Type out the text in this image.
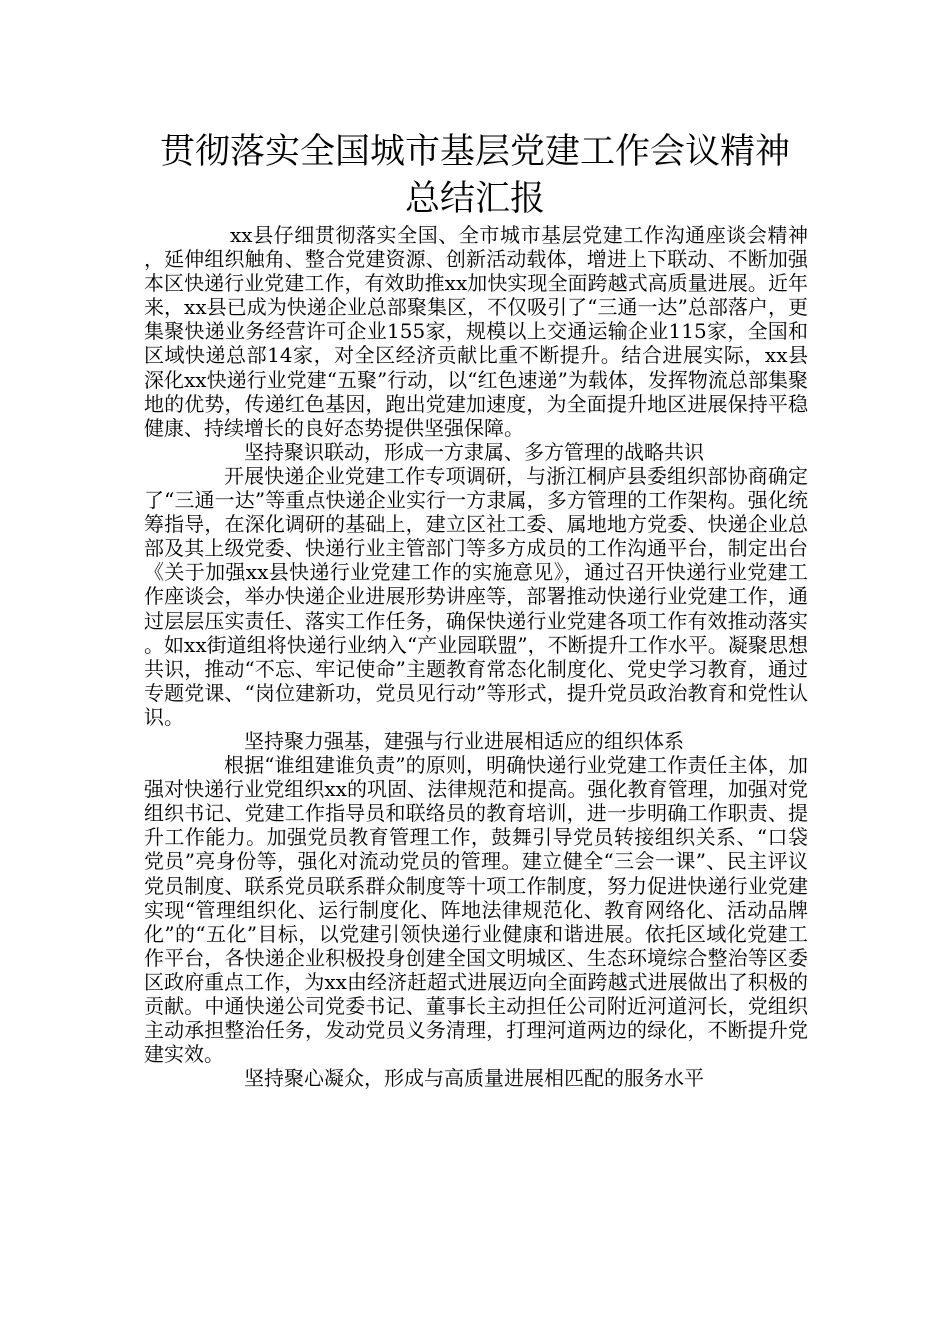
贯彻落实全国城市基层党建工作会议精神
总结汇报

xx县仔细贯彻落实全国、全市城市基层党建工作沟通座谈会精神，延伸组织触角、整合党建资源、创新活动载体，增进上下联动、不断加强本区快递行业党建工作，有效助推xx加快实现全面跨越式高质量进展。近年来，xx县已成为快递企业总部聚集区，不仅吸引了“三通一达”总部落户，更集聚快递业务经营许可企业155家，规模以上交通运输企业115家，全国和区域快递总部14家，对全区经济贡献比重不断提升。结合进展实际，xx县深化xx快递行业党建“五聚”行动，以“红色速递”为载体，发挥物流总部集聚地的优势，传递红色基因，跑出党建加速度，为全面提升地区进展保持平稳健康、持续增长的良好态势提供坚强保障。

坚持聚识联动，形成一方隶属、多方管理的战略共识

开展快递企业党建工作专项调研，与浙江桐庐县委组织部协商确定了“三通一达”等重点快递企业实行一方隶属，多方管理的工作架构。强化统筹指导，在深化调研的基础上，建立区社工委、属地地方党委、快递企业总部及其上级党委、快递行业主管部门等多方成员的工作沟通平台，制定出台《关于加强xx县快递行业党建工作的实施意见》，通过召开快递行业党建工作座谈会，举办快递企业进展形势讲座等，部署推动快递行业党建工作，通过层层压实责任、落实工作任务，确保快递行业党建各项工作有效推动落实。如xx街道组将快递行业纳入“产业园联盟”，不断提升工作水平。凝聚思想共识，推动“不忘、牢记使命”主题教育常态化制度化、党史学习教育，通过专题党课、“岗位建新功，党员见行动”等形式，提升党员政治教育和党性认识。

坚持聚力强基，建强与行业进展相适应的组织体系

根据“谁组建谁负责”的原则，明确快递行业党建工作责任主体，加强对快递行业党组织xx的巩固、法律规范和提高。强化教育管理，加强对党组织书记、党建工作指导员和联络员的教育培训，进一步明确工作职责、提升工作能力。加强党员教育管理工作，鼓舞引导党员转接组织关系、“口袋党员”亮身份等，强化对流动党员的管理。建立健全“三会一课”、民主评议党员制度、联系党员联系群众制度等十项工作制度，努力促进快递行业党建实现“管理组织化、运行制度化、阵地法律规范化、教育网络化、活动品牌化”的“五化”目标，以党建引领快递行业健康和谐进展。依托区域化党建工作平台，各快递企业积极投身创建全国文明城区、生态环境综合整治等区委区政府重点工作，为xx由经济赶超式进展迈向全面跨越式进展做出了积极的贡献。中通快递公司党委书记、董事长主动担任公司附近河道河长，党组织主动承担整治任务，发动党员义务清理，打理河道两边的绿化，不断提升党建实效。

坚持聚心凝众，形成与高质量进展相匹配的服务水平
